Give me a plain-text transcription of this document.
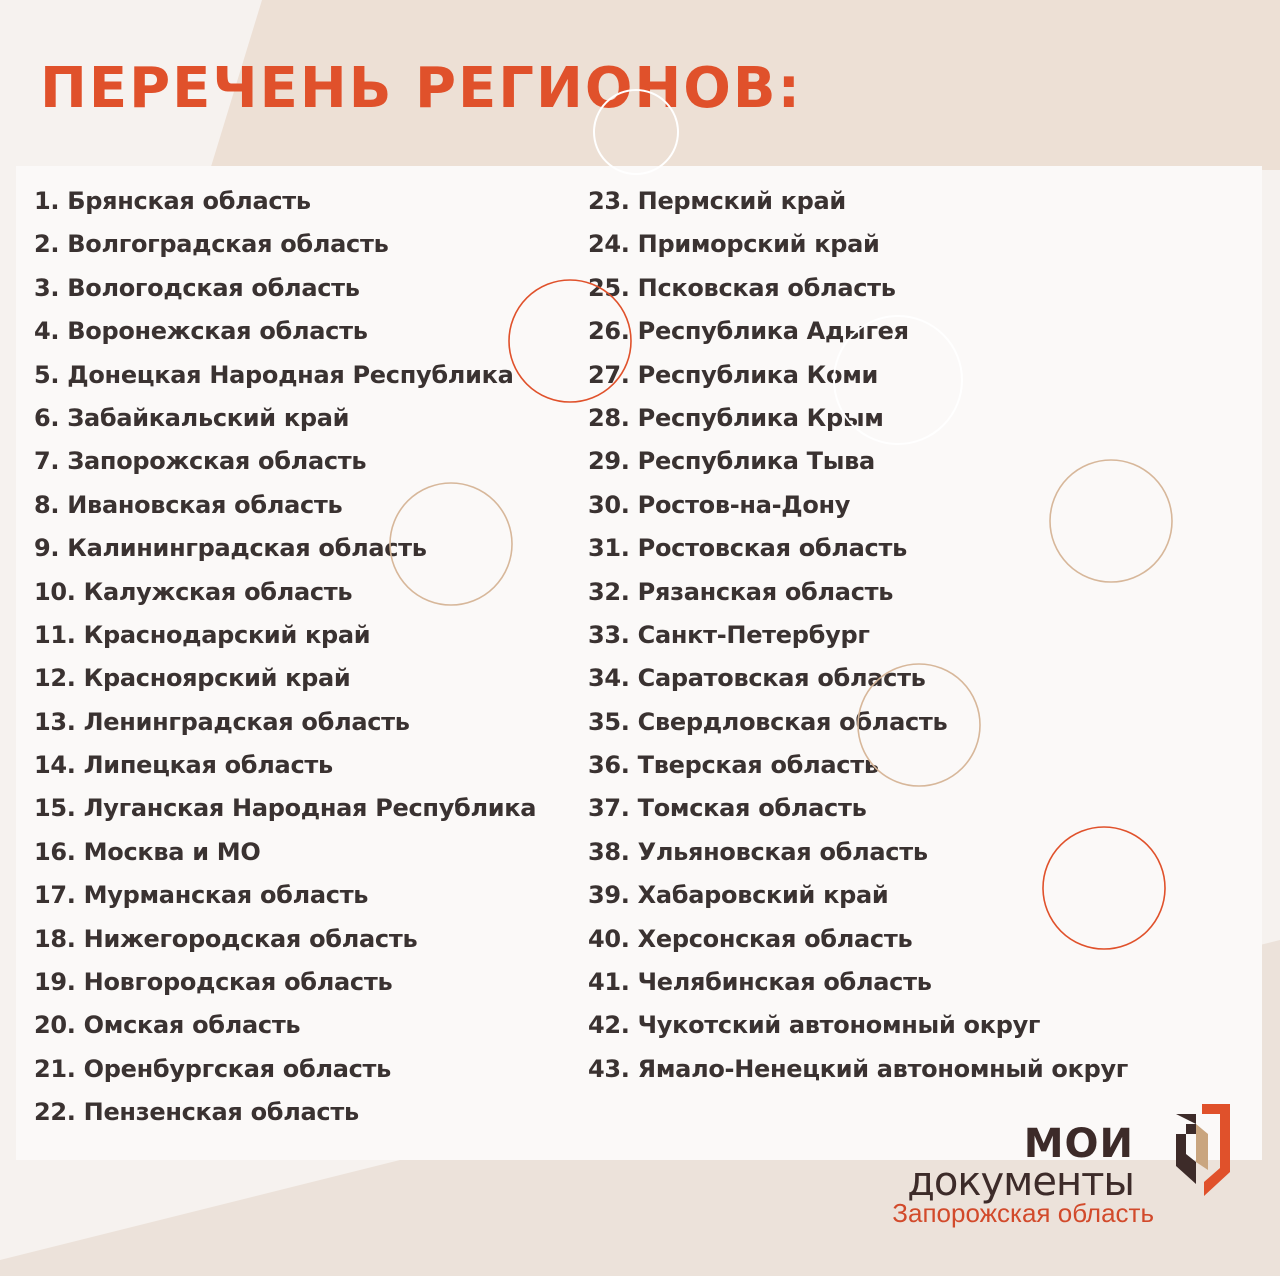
ПЕРЕЧЕНЬ РЕГИОНОВ:
1. Брянская область
2. Волгоградская область
3. Вологодская область
4. Воронежская область
5. Донецкая Народная Республика
6. Забайкальский край
7. Запорожская область
8. Ивановская область
9. Калининградская область
10. Калужская область
11. Краснодарский край
12. Красноярский край
13. Ленинградская область
14. Липецкая область
15. Луганская Народная Республика
16. Москва и МО
17. Мурманская область
18. Нижегородская область
19. Новгородская область
20. Омская область
21. Оренбургская область
22. Пензенская область
23. Пермский край
24. Приморский край
25. Псковская область
26. Республика Адыгея
27. Республика Коми
28. Республика Крым
29. Республика Тыва
30. Ростов-на-Дону
31. Ростовская область
32. Рязанская область
33. Санкт-Петербург
34. Саратовская область
35. Свердловская область
36. Тверская область
37. Томская область
38. Ульяновская область
39. Хабаровский край
40. Херсонская область
41. Челябинская область
42. Чукотский автономный округ
43. Ямало-Ненецкий автономный округ
МОИ
документы
Запорожская область
